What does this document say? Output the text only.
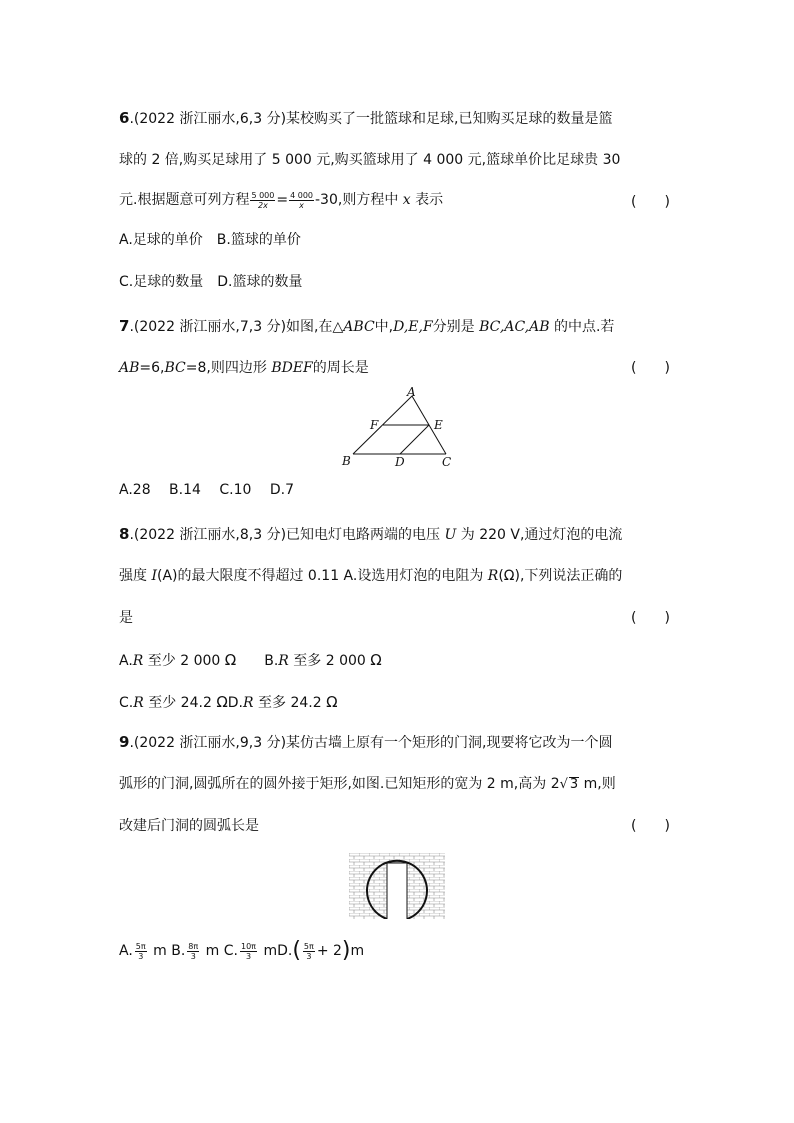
6.(2022 浙江丽水,6,3 分)某校购买了一批篮球和足球,已知购买足球的数量是篮
球的 2 倍,购买足球用了 5 000 元,购买篮球用了 4 000 元,篮球单价比足球贵 30
元.根据题意可列方程 $\frac{5 000}{2x} = \frac{4 000}{x} -30$,则方程中 x 表示	(　　)
A.足球的单价　 B.篮球的单价
C.足球的数量　 D.篮球的数量
7.(2022 浙江丽水,7,3 分)如图,在△ABC中,D,E,F分别是 BC,AC,AB 的中点.若
AB=6,BC=8,则四边形 BDEF的周长是	(　　)
A
B	C
D
E
F
A.28　 B.14　 C.10　 D.7
8.(2022 浙江丽水,8,3 分)已知电灯电路两端的电压 U 为 220 V,通过灯泡的电流
强度 I(A)的最大限度不得超过 0.11 A.设选用灯泡的电阻为 R(Ω),下列说法正确的
是	(　　)
A.R 至少 2 000 Ω　　 B.R 至多 2 000 Ω
C.R 至少 24.2 ΩD.R 至多 24.2 Ω
9.(2022 浙江丽水,9,3 分)某仿古墙上原有一个矩形的门洞,现要将它改为一个圆
弧形的门洞,圆弧所在的圆外接于矩形,如图.已知矩形的宽为 2 m,高为 2√ 3 m,则
改建后门洞的圆弧长是	(　　)
A. $\frac{5\pi}{3}$ m B. $\frac{8\pi}{3}$ m C. $\frac{10\pi}{3} mD.( \frac{5\pi}{3} + 2)m$
